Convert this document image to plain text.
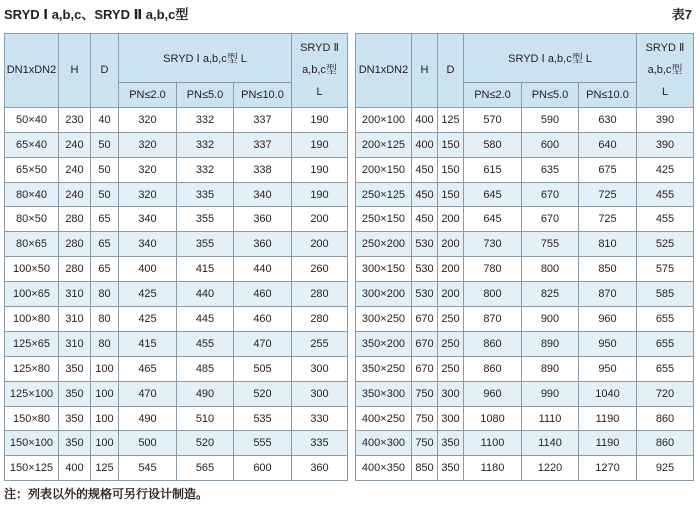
SRYD Ⅰ a,b,c、SRYD Ⅱ a,b,c型	表7
DN1xDN2	H	D	SRYD Ⅰ a,b,c型 L			SRYD Ⅱ
a,b,c型
L

			PN≤2.0	PN≤5.0	PN≤10.0	
50×40	230	40	320	332	337	190
65×40	240	50	320	332	337	190
65×50	240	50	320	332	338	190
80×40	240	50	320	335	340	190
80×50	280	65	340	355	360	200
80×65	280	65	340	355	360	200
100×50	280	65	400	415	440	260
100×65	310	80	425	440	460	280
100×80	310	80	425	445	460	280
125×65	310	80	415	455	470	255
125×80	350	100	465	485	505	300
125×100	350	100	470	490	520	300
150×80	350	100	490	510	535	330
150×100	350	100	500	520	555	335
150×125	400	125	545	565	600	360
DN1xDN2	H	D	SRYD Ⅰ a,b,c型 L			SRYD Ⅱ
a,b,c型
L

			PN≤2.0	PN≤5.0	PN≤10.0	
200×100	400	125	570	590	630	390
200×125	400	150	580	600	640	390
200×150	450	150	615	635	675	425
250×125	450	150	645	670	725	455
250×150	450	200	645	670	725	455
250×200	530	200	730	755	810	525
300×150	530	200	780	800	850	575
300×200	530	200	800	825	870	585
300×250	670	250	870	900	960	655
350×200	670	250	860	890	950	655
350×250	670	250	860	890	950	655
350×300	750	300	960	990	1040	720
400×250	750	300	1080	1110	1190	860
400×300	750	350	1100	1140	1190	860
400×350	850	350	1180	1220	1270	925
注：列表以外的规格可另行设计制造。
